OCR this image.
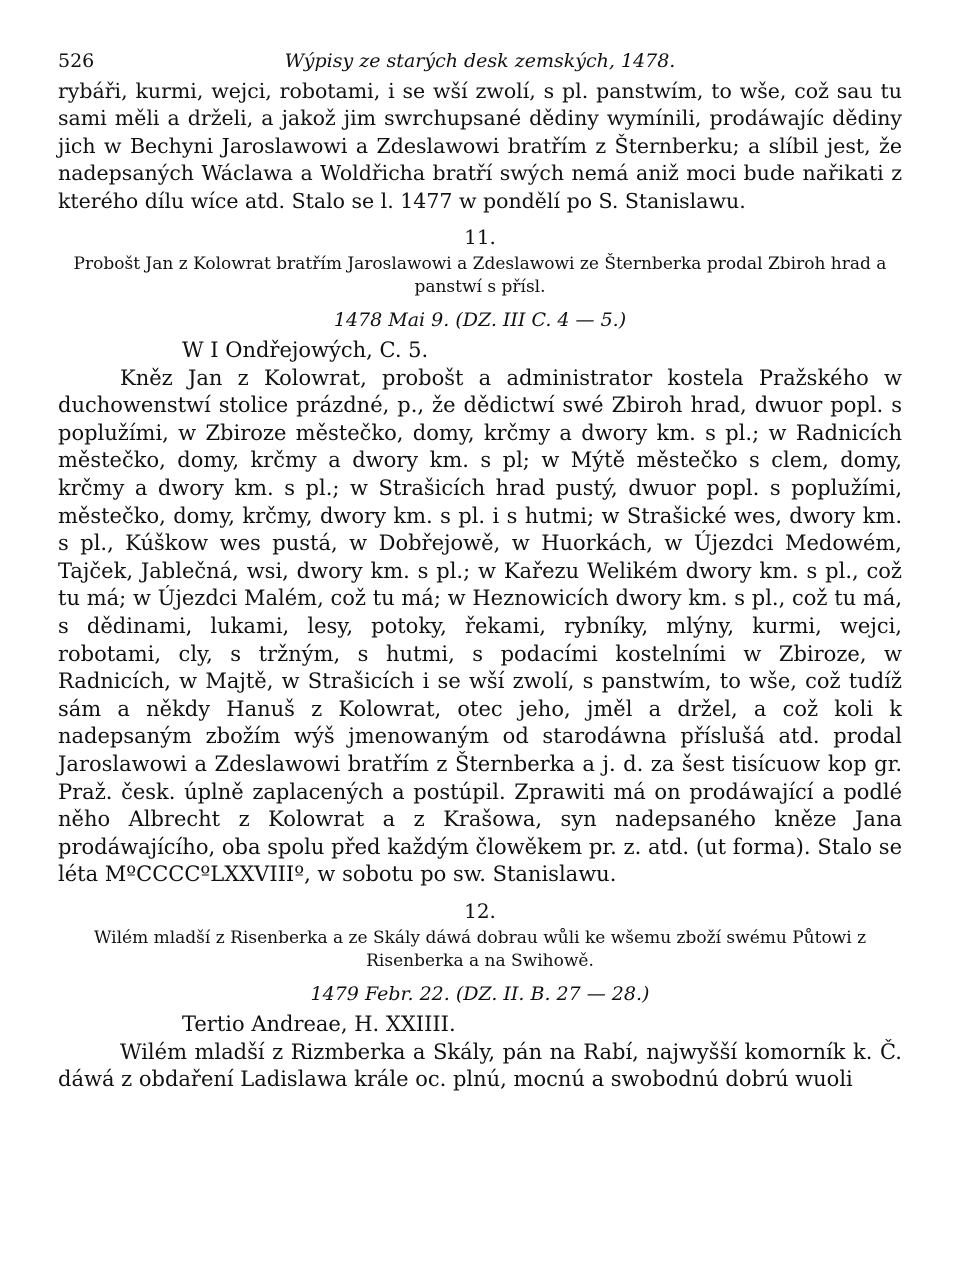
526	Wýpisy ze starých desk zemských, 1478.

rybáři, kurmi, wejci, robotami, i se wší zwolí, s pl. panstwím, to wše, což sau tu sami měli a drželi, a jakož jim swrchupsané děd​iny wymínili, prodáwajíc dědiny jich w Bechyni Jaroslawowi a Zdeslawowi bratřím z Šternberku; a slíbil jest, že nadepsaných Wáclawa a Woldřicha bratří swých nemá aniž moci bude nařikati z kterého dílu wíce atd. Stalo se l. 1477 w pondělí po S. Stanislawu.

11.

Probošt Jan z Kolowrat bratřím Jaroslawowi a Zdeslawowi ze Šternberka prodal Zbiroh hrad a panstwí s přísl.

1478 Mai 9. (DZ. III C. 4 — 5.)

W I Ondřejowých, C. 5.

Kněz Jan z Kolowrat, probošt a administrator kostela Pražského w duchowenstwí stolice prázdné, p., že dědictwí swé Zbiroh hrad, dwuor popl. s poplužími, w Zbiroze městečko, domy, krčmy a dwory km. s pl.; w Radnicích městečko, domy, krčmy a dwory km. s pl; w Mýtě městečko s clem, domy, krčmy a dwory km. s pl.; w Strašicích hrad pustý, dwuor popl. s poplužími, městečko, domy, krčmy, dwory km. s pl. i s hutmi; w Strašické wes, dwory km. s pl., Kúškow wes pustá, w Dobřejowě, w Huorkách, w Újezdci Medowém, Tajček, Jablečná, wsi, dwory km. s pl.; w Kařezu Welikém dwory km. s pl., což tu má; w Újezdci Malém, což tu má; w Heznowicích dwory km. s pl., což tu má, s dědinami, lukami, lesy, potoky, řekami, rybníky, mlýny, kurmi, wejci, robotami, cly, s tržným, s hutmi, s podacími kostelními w Zbiroze, w Radnicích, w Majtě, w Strašicích i se wší zwolí, s panstwím, to wše, což tudíž sám a někdy Hanuš z Kolowrat, otec jeho, jměl a držel, a což koli k nadepsaným zbožím wýš jmenowaným od starodáwna příslušá atd. prodal Jaroslawowi a Zdeslawowi bratřím z Šternberka a j. d. za šest tisícuow kop gr. Praž. česk. úplně zaplacených a postúpil. Zprawiti má on prodáwající a podlé něho Albrecht z Kolowrat a z Krašowa, syn nadepsaného kněze Jana prodáwajícího, oba spolu před každým člowěkem pr. z. atd. (ut forma). Stalo se léta MºCCCCºLXXVIIIº, w sobotu po sw. Stanislawu.

12.

Wilém mladší z Risenberka a ze Skály dáwá dobrau wůli ke wšemu zboží swému Půtowi z Risenberka a na Swihowě.

1479 Febr. 22. (DZ. II. B. 27 — 28.)

Tertio Andreae, H. XXIIII.

Wilém mladší z Rizmberka a Skály, pán na Rabí, najwyšší komorník k. Č. dáwá z obdaření Ladislawa krále oc. plnú, mocnú a swobodnú dobrú wuoli
